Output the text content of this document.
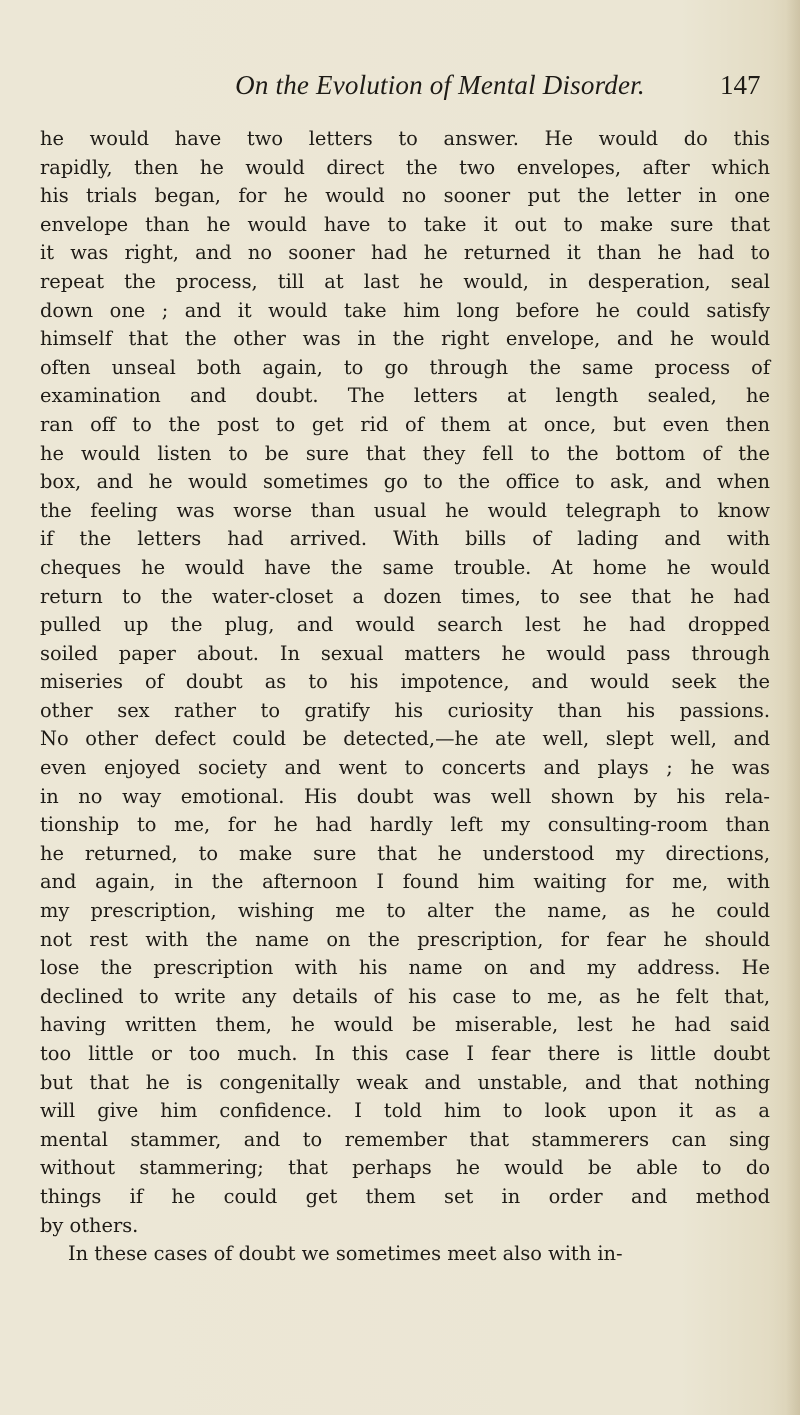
On the Evolution of Mental Disorder.	147
he would have two letters to answer. He would do this
rapidly, then he would direct the two envelopes, after which
his trials began, for he would no sooner put the letter in one
envelope than he would have to take it out to make sure that
it was right, and no sooner had he returned it than he had to
repeat the process, till at last he would, in desperation, seal
down one ; and it would take him long before he could satisfy
himself that the other was in the right envelope, and he would
often unseal both again, to go through the same process of
examination and doubt. The letters at length sealed, he
ran off to the post to get rid of them at once, but even then
he would listen to be sure that they fell to the bottom of the
box, and he would sometimes go to the office to ask, and when
the feeling was worse than usual he would telegraph to know
if the letters had arrived. With bills of lading and with
cheques he would have the same trouble. At home he would
return to the water-closet a dozen times, to see that he had
pulled up the plug, and would search lest he had dropped
soiled paper about. In sexual matters he would pass through
miseries of doubt as to his impotence, and would seek the
other sex rather to gratify his curiosity than his passions.
No other defect could be detected,—he ate well, slept well, and
even enjoyed society and went to concerts and plays ; he was
in no way emotional. His doubt was well shown by his rela-
tionship to me, for he had hardly left my consulting-room than
he returned, to make sure that he understood my directions,
and again, in the afternoon I found him waiting for me, with
my prescription, wishing me to alter the name, as he could
not rest with the name on the prescription, for fear he should
lose the prescription with his name on and my address. He
declined to write any details of his case to me, as he felt that,
having written them, he would be miserable, lest he had said
too little or too much. In this case I fear there is little doubt
but that he is congenitally weak and unstable, and that nothing
will give him confidence. I told him to look upon it as a
mental stammer, and to remember that stammerers can sing
without stammering; that perhaps he would be able to do
things if he could get them set in order and method
by others.
In these cases of doubt we sometimes meet also with in-
